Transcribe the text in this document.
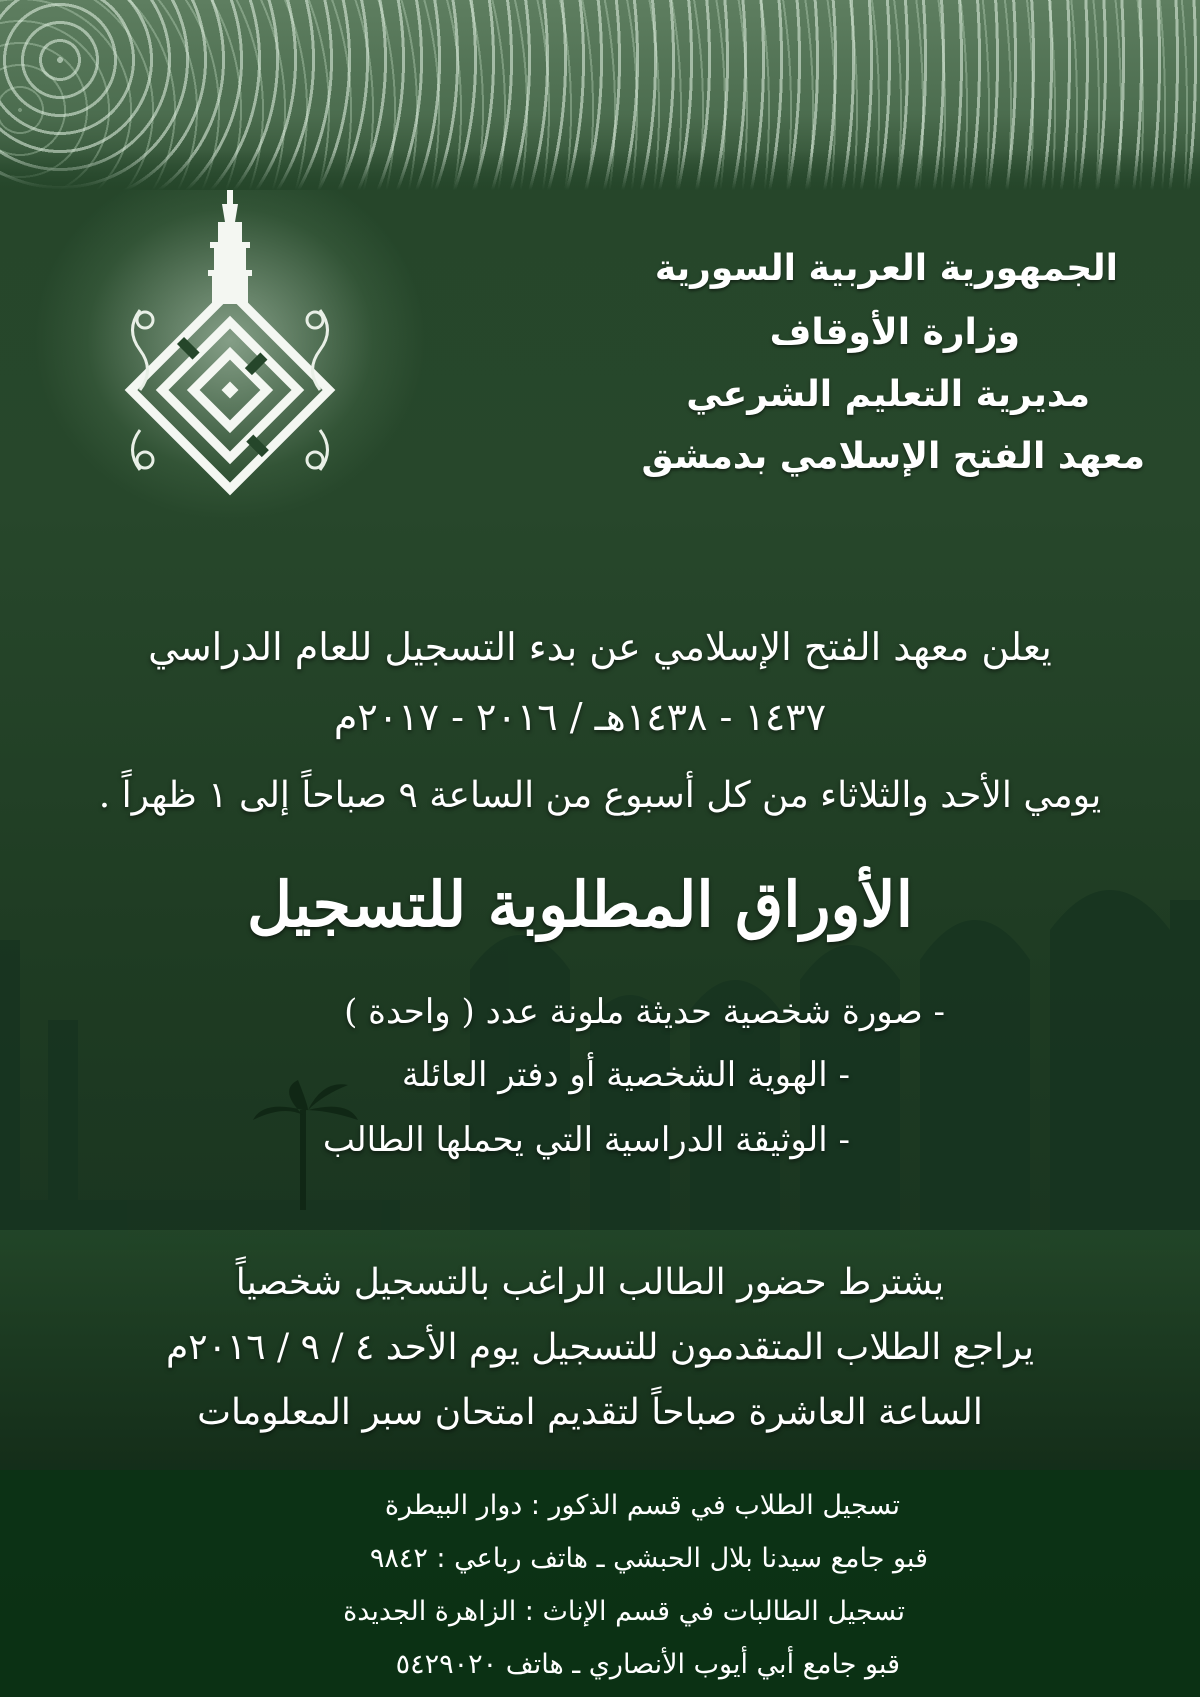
الجمهورية العربية السورية
وزارة الأوقاف
مديرية التعليم الشرعي
معهد الفتح الإسلامي بدمشق
يعلن معهد الفتح الإسلامي عن بدء التسجيل للعام الدراسي
١٤٣٧ - ١٤٣٨هـ / ٢٠١٦ - ٢٠١٧م
يومي الأحد والثلاثاء من كل أسبوع من الساعة ٩ صباحاً إلى ١ ظهراً .
الأوراق المطلوبة للتسجيل
- صورة شخصية حديثة ملونة عدد ( واحدة )
- الهوية الشخصية أو دفتر العائلة
- الوثيقة الدراسية التي يحملها الطالب
يشترط حضور الطالب الراغب بالتسجيل شخصياً
يراجع الطلاب المتقدمون للتسجيل يوم الأحد ٤ / ٩ / ٢٠١٦م
الساعة العاشرة صباحاً لتقديم امتحان سبر المعلومات
تسجيل الطلاب في قسم الذكور : دوار البيطرة
قبو جامع سيدنا بلال الحبشي ـ هاتف رباعي : ٩٨٤٢
تسجيل الطالبات في قسم الإناث : الزاهرة الجديدة
قبو جامع أبي أيوب الأنصاري ـ هاتف ٥٤٢٩٠٢٠
